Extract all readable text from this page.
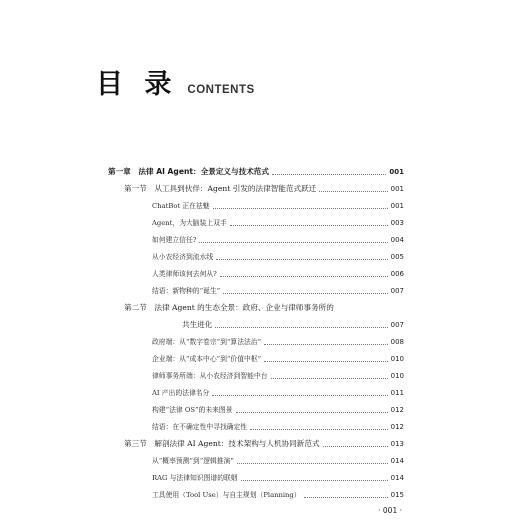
目 录 CONTENTS
第一章　法律 AI Agent：全景定义与技术范式	001
第一节　从工具到伙伴：Agent 引发的法律智能范式跃迁	001
ChatBot 正在祛魅	001
Agent，为大脑装上双手	003
如何建立信任?	004
从小农经济到流水线	005
人类律师该何去何从?	006
结语：新物种的“诞生”	007
第二节　法律 Agent 的生态全景：政府、企业与律师事务所的
共生进化	007
政府端：从“数字卷宗”到“算法法治”	008
企业端：从“成本中心”到“价值中枢”	010
律师事务所端：从小农经济到智能中台	010
AI 产出的法律名分	011
构建“法律 OS”的未来图景	012
结语：在不确定性中寻找确定性	012
第三节　解剖法律 AI Agent：技术架构与人机协同新范式	013
从“概率预测”到“逻辑推演”	014
RAG 与法律知识图谱的联姻	014
工具使用（Tool Use）与自主规划（Planning）	015
· 001 ·
